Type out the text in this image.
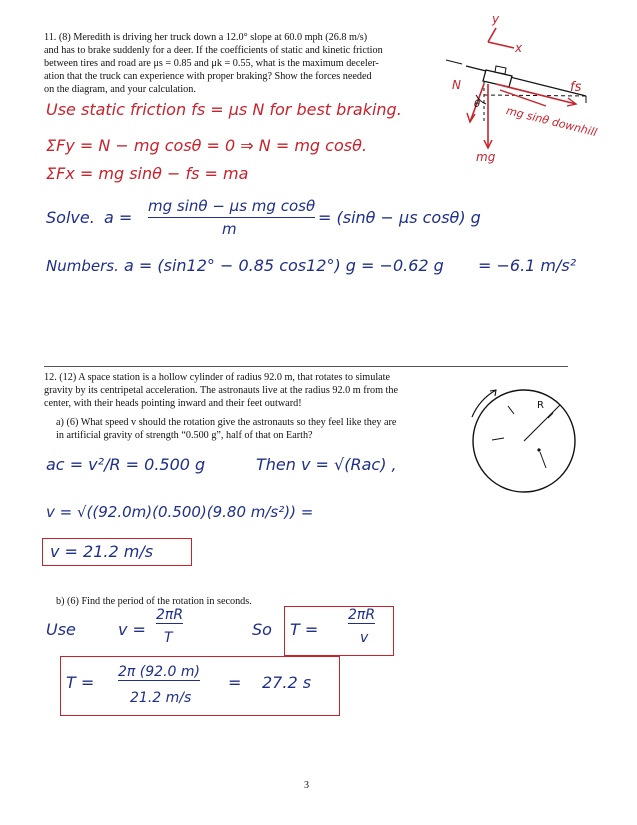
11. (8) Meredith is driving her truck down a 12.0° slope at 60.0 mph (26.8 m/s)
and has to brake suddenly for a deer. If the coefficients of static and kinetic friction
between tires and road are μs = 0.85 and μk = 0.55, what is the maximum deceler-
ation that the truck can experience with proper braking? Show the forces needed
on the diagram, and your calculation.
Use static friction fs = μs N for best braking.
ΣFy = N − mg cosθ = 0 ⇒ N = mg cosθ.
ΣFx = mg sinθ − fs = ma
Solve. a =
mg sinθ − μs mg cosθ
m
= (sinθ − μs cosθ) g
Numbers. a = (sin12° − 0.85 cos12°) g = −0.62 g = −6.1 m/s²
y
x
N
θ
fs
mg sinθ downhill
mg
12. (12) A space station is a hollow cylinder of radius 92.0 m, that rotates to simulate
gravity by its centripetal acceleration. The astronauts live at the radius 92.0 m from the
center, with their heads pointing inward and their feet outward!
a) (6) What speed v should the rotation give the astronauts so they feel like they are
in artificial gravity of strength “0.500 g”, half of that on Earth?
b) (6) Find the period of the rotation in seconds.
R
ac = v²/R = 0.500 g	Then v = √(Rac) ,
v = √((92.0m)(0.500)(9.80 m/s²)) =
v = 21.2 m/s
Use	v =
2πR
T	So T =
2πR
v
T =
2π (92.0 m)
21.2 m/s
= 27.2 s
3
